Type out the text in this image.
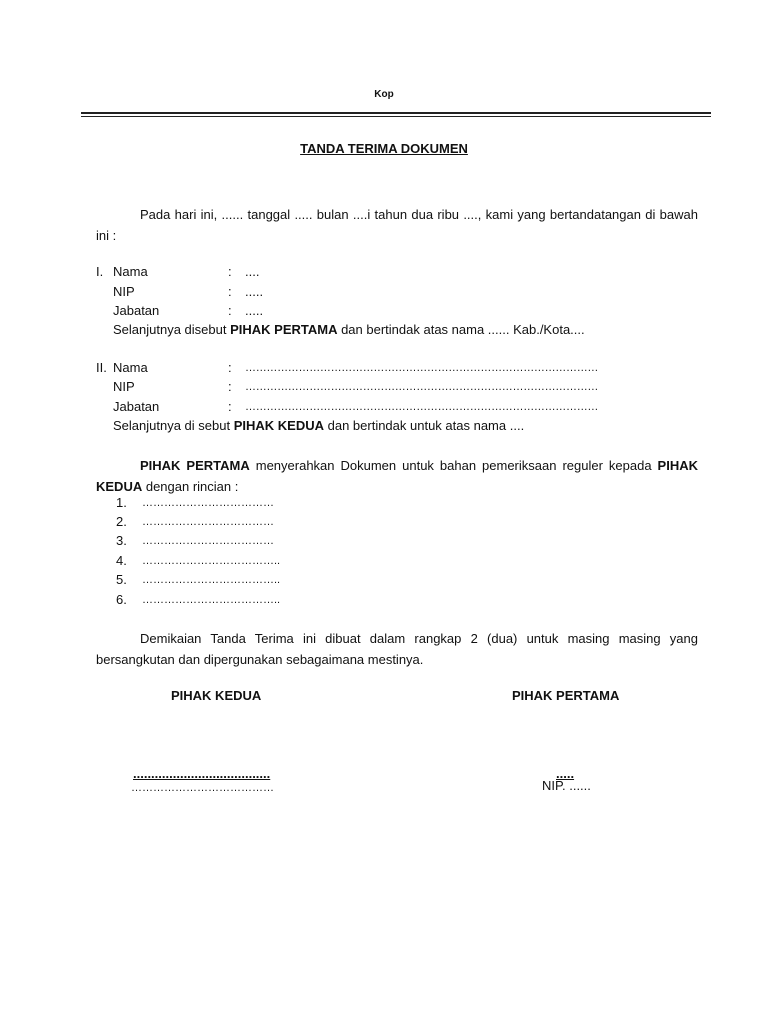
Kop
TANDA TERIMA DOKUMEN
Pada hari ini, ...... tanggal ..... bulan ....i tahun dua ribu ...., kami yang bertandatangan di bawah ini :
I. Nama	: ....
NIP	: .....
Jabatan	: .....
Selanjutnya disebut PIHAK PERTAMA dan bertindak atas nama ...... Kab./Kota....
II. Nama	: ………………………………………………………………………………………
NIP	: ………………………………………………………………………………………
Jabatan	: ………………………………………………………………………………………
Selanjutnya di sebut PIHAK KEDUA dan bertindak untuk atas nama ....
PIHAK PERTAMA menyerahkan Dokumen untuk bahan pemeriksaan reguler kepada PIHAK KEDUA dengan rincian :
1. ………………………………
2. ………………………………
3. ………………………………
4. ………………………………..
5. ………………………………..
6. ………………………………..
Demikaian Tanda Terima ini dibuat dalam rangkap 2 (dua) untuk masing masing yang bersangkutan dan dipergunakan sebagaimana mestinya.
PIHAK KEDUA	PIHAK PERTAMA
......................................
…………………………………
.....
NIP. ......
